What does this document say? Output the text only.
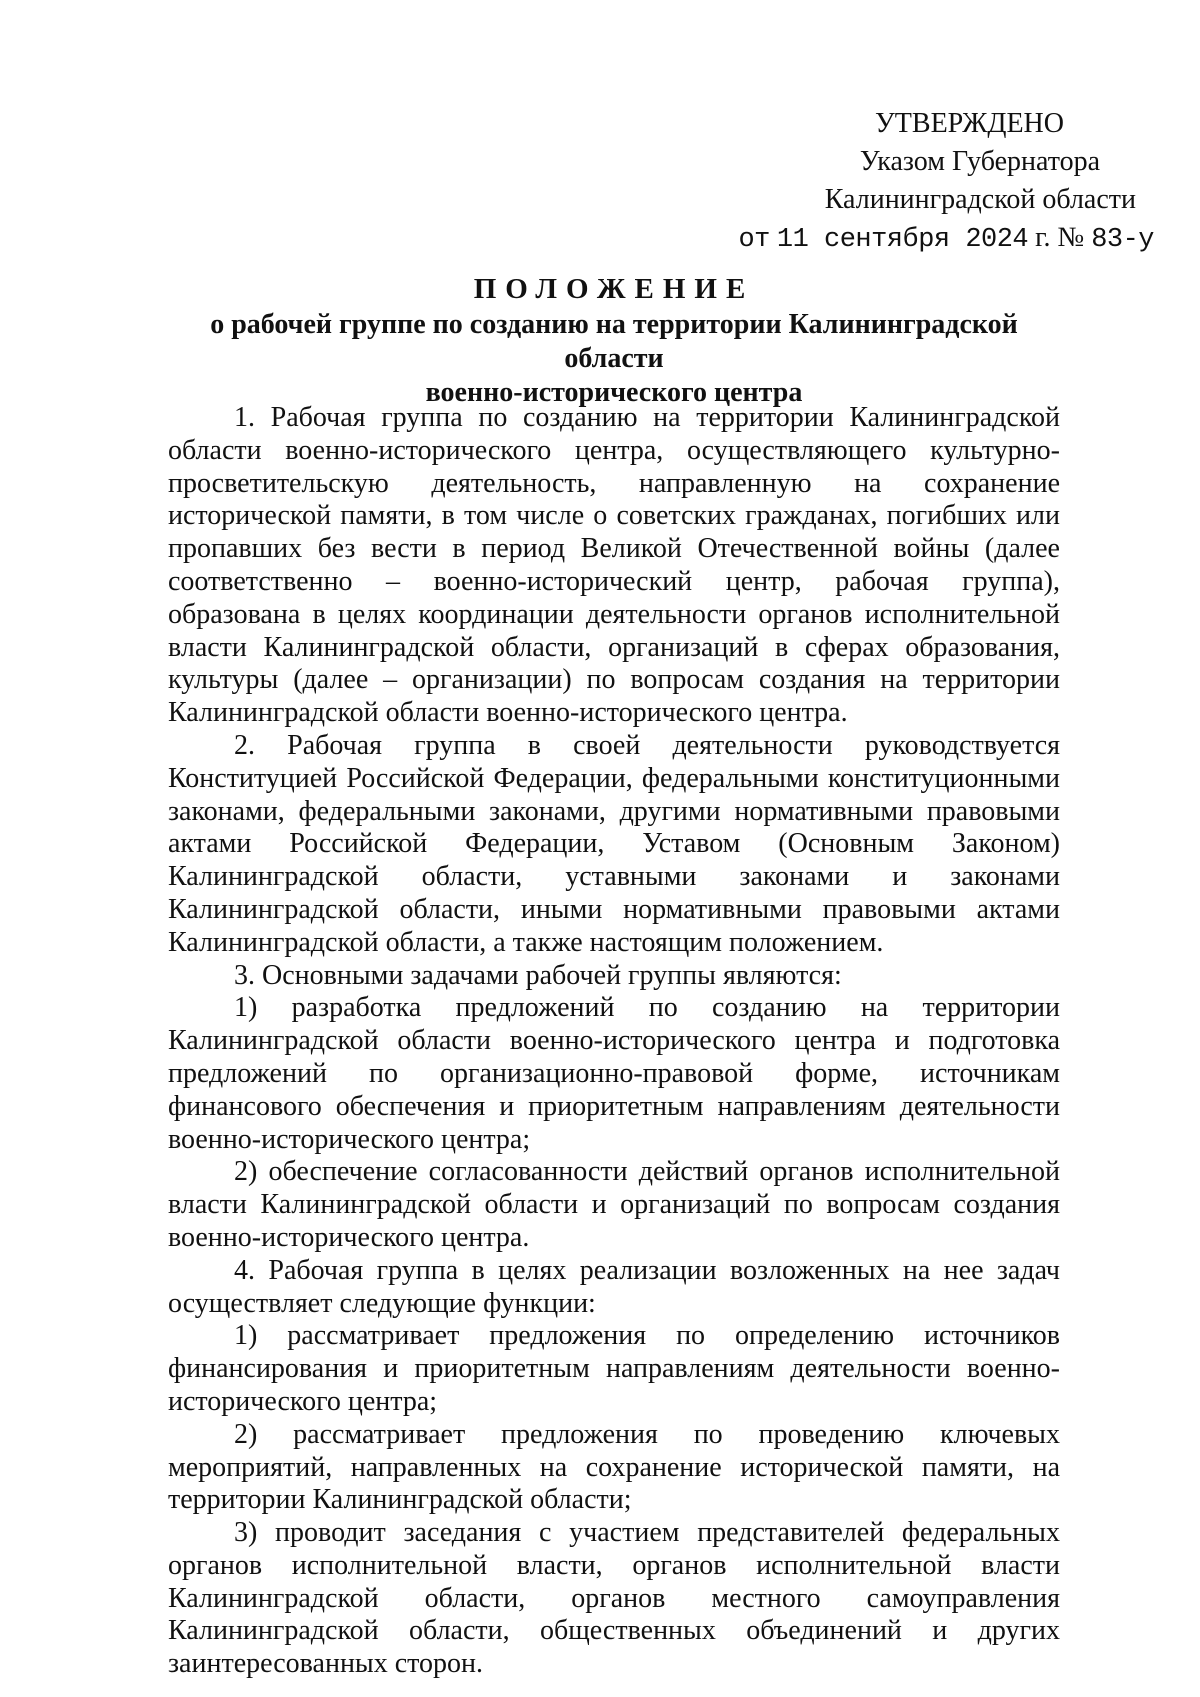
УТВЕРЖДЕНО
Указом Губернатора
Калининградской области
от 11 сентября 2024 г. № 83-у
ПОЛОЖЕНИЕ
о рабочей группе по созданию на территории Калининградской области
военно-исторического центра

1. Рабочая группа по созданию на территории Калининградской области военно-исторического центра, осуществляющего культурно-просветительскую деятельность, направленную на сохранение исторической памяти, в том числе о советских гражданах, погибших или пропавших без вести в период Великой Отечественной войны (далее соответственно – военно-исторический центр, рабочая группа), образована в целях координации деятельности органов исполнительной власти Калининградской области, организаций в сферах образования, культуры (далее – организации) по вопросам создания на территории Калининградской области военно-исторического центра.

2. Рабочая группа в своей деятельности руководствуется Конституцией Российской Федерации, федеральными конституционными законами, федеральными законами, другими нормативными правовыми актами Российской Федерации, Уставом (Основным Законом) Калининградской области, уставными законами и законами Калининградской области, иными нормативными правовыми актами Калининградской области, а также настоящим положением.

3. Основными задачами рабочей группы являются:

1) разработка предложений по созданию на территории Калининградской области военно-исторического центра и подготовка предложений по организационно-правовой форме, источникам финансового обеспечения и приоритетным направлениям деятельности военно-исторического центра;

2) обеспечение согласованности действий органов исполнительной власти Калининградской области и организаций по вопросам создания военно-исторического центра.

4. Рабочая группа в целях реализации возложенных на нее задач осуществляет следующие функции:

1) рассматривает предложения по определению источников финансирования и приоритетным направлениям деятельности военно-исторического центра;

2) рассматривает предложения по проведению ключевых мероприятий, направленных на сохранение исторической памяти, на территории Калининградской области;

3) проводит заседания с участием представителей федеральных органов исполнительной власти, органов исполнительной власти Калининградской области, органов местного самоуправления Калининградской области, общественных объединений и других заинтересованных сторон.
